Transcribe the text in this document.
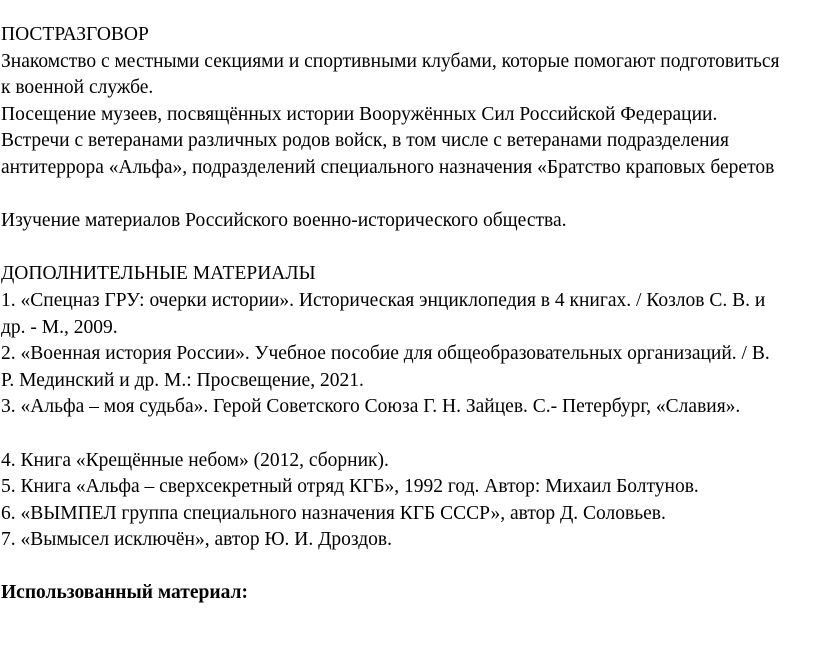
ПОСТРАЗГОВОР

Знакомство с местными секциями и спортивными клубами, которые помогают подготовиться

к военной службе.

Посещение музеев, посвящённых истории Вооружённых Сил Российской Федерации.

Встречи с ветеранами различных родов войск, в том числе с ветеранами подразделения

антитеррора «Альфа», подразделений специального назначения «Братство краповых беретов

Изучение материалов Российского военно-исторического общества.

ДОПОЛНИТЕЛЬНЫЕ МАТЕРИАЛЫ

1. «Спецназ ГРУ: очерки истории». Историческая энциклопедия в 4 книгах. / Козлов С. В. и

др. - М., 2009.

2. «Военная история России». Учебное пособие для общеобразовательных организаций. / В.

Р. Мединский и др. М.: Просвещение, 2021.

3. «Альфа – моя судьба». Герой Советского Союза Г. Н. Зайцев. С.- Петербург, «Славия».

4. Книга «Крещённые небом» (2012, сборник).

5. Книга «Альфа – сверхсекретный отряд КГБ», 1992 год. Автор: Михаил Болтунов.

6. «ВЫМПЕЛ группа специального назначения КГБ СССР», автор Д. Соловьев.

7. «Вымысел исключён», автор Ю. И. Дроздов.

Использованный материал:
